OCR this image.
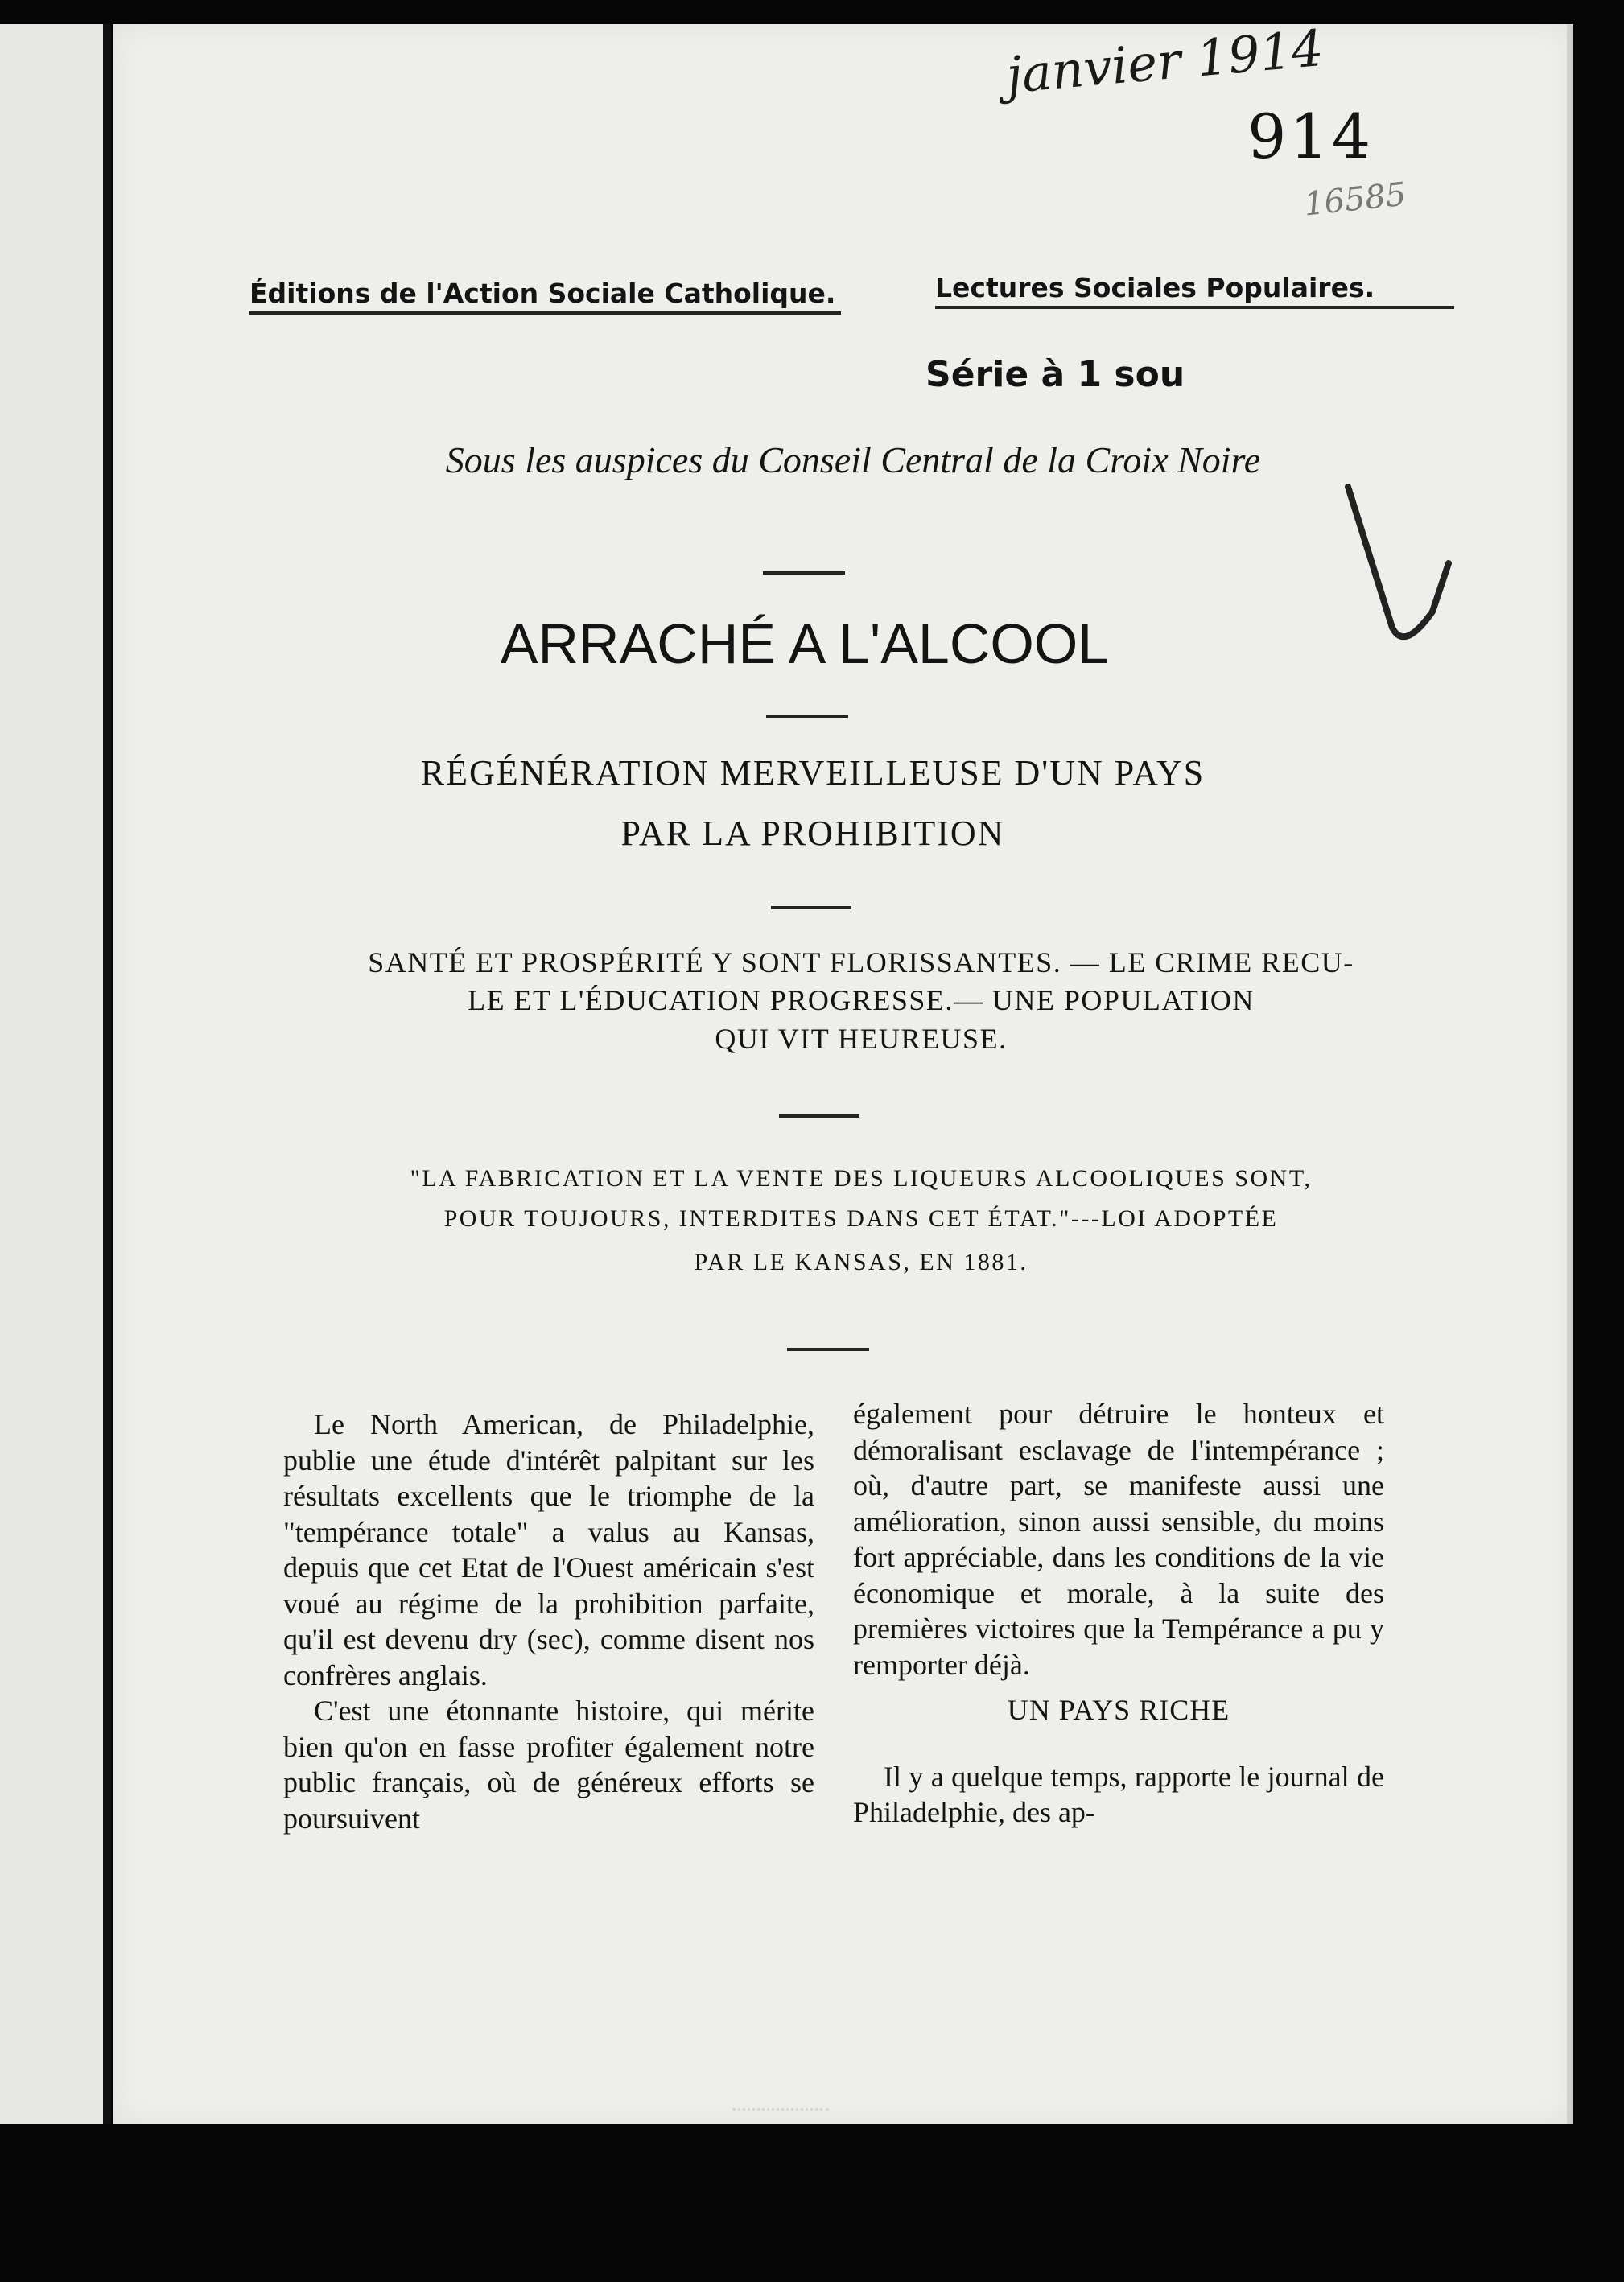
janvier 1914
914
16585
Éditions de l'Action Sociale Catholique.	Lectures Sociales Populaires.
Série à 1 sou
Sous les auspices du Conseil Central de la Croix Noire
ARRACHÉ A L'ALCOOL
RÉGÉNÉRATION MERVEILLEUSE D'UN PAYS
PAR LA PROHIBITION
SANTÉ ET PROSPÉRITÉ Y SONT FLORISSANTES. — LE CRIME RECU-
LE ET L'ÉDUCATION PROGRESSE.— UNE POPULATION
QUI VIT HEUREUSE.
"LA FABRICATION ET LA VENTE DES LIQUEURS ALCOOLIQUES SONT,
POUR TOUJOURS, INTERDITES DANS CET ÉTAT."---LOI ADOPTÉE
PAR LE KANSAS, EN 1881.

Le North American, de Philadelphie, publie une étude d'intérêt palpitant sur les résultats excellents que le triomphe de la "tempérance totale" a valus au Kansas, depuis que cet Etat de l'Ouest américain s'est voué au régime de la prohibition parfaite, qu'il est devenu dry (sec), comme disent nos confrères anglais.

C'est une étonnante histoire, qui mérite bien qu'on en fasse profiter également notre public français, où de généreux efforts se poursuivent

également pour détruire le honteux et démoralisant esclavage de l'intempérance ; où, d'autre part, se manifeste aussi une amélioration, sinon aussi sensible, du moins fort appréciable, dans les conditions de la vie économique et morale, à la suite des premières victoires que la Tempérance a pu y remporter déjà.

UN PAYS RICHE

Il y a quelque temps, rapporte le journal de Philadelphie, des ap-
